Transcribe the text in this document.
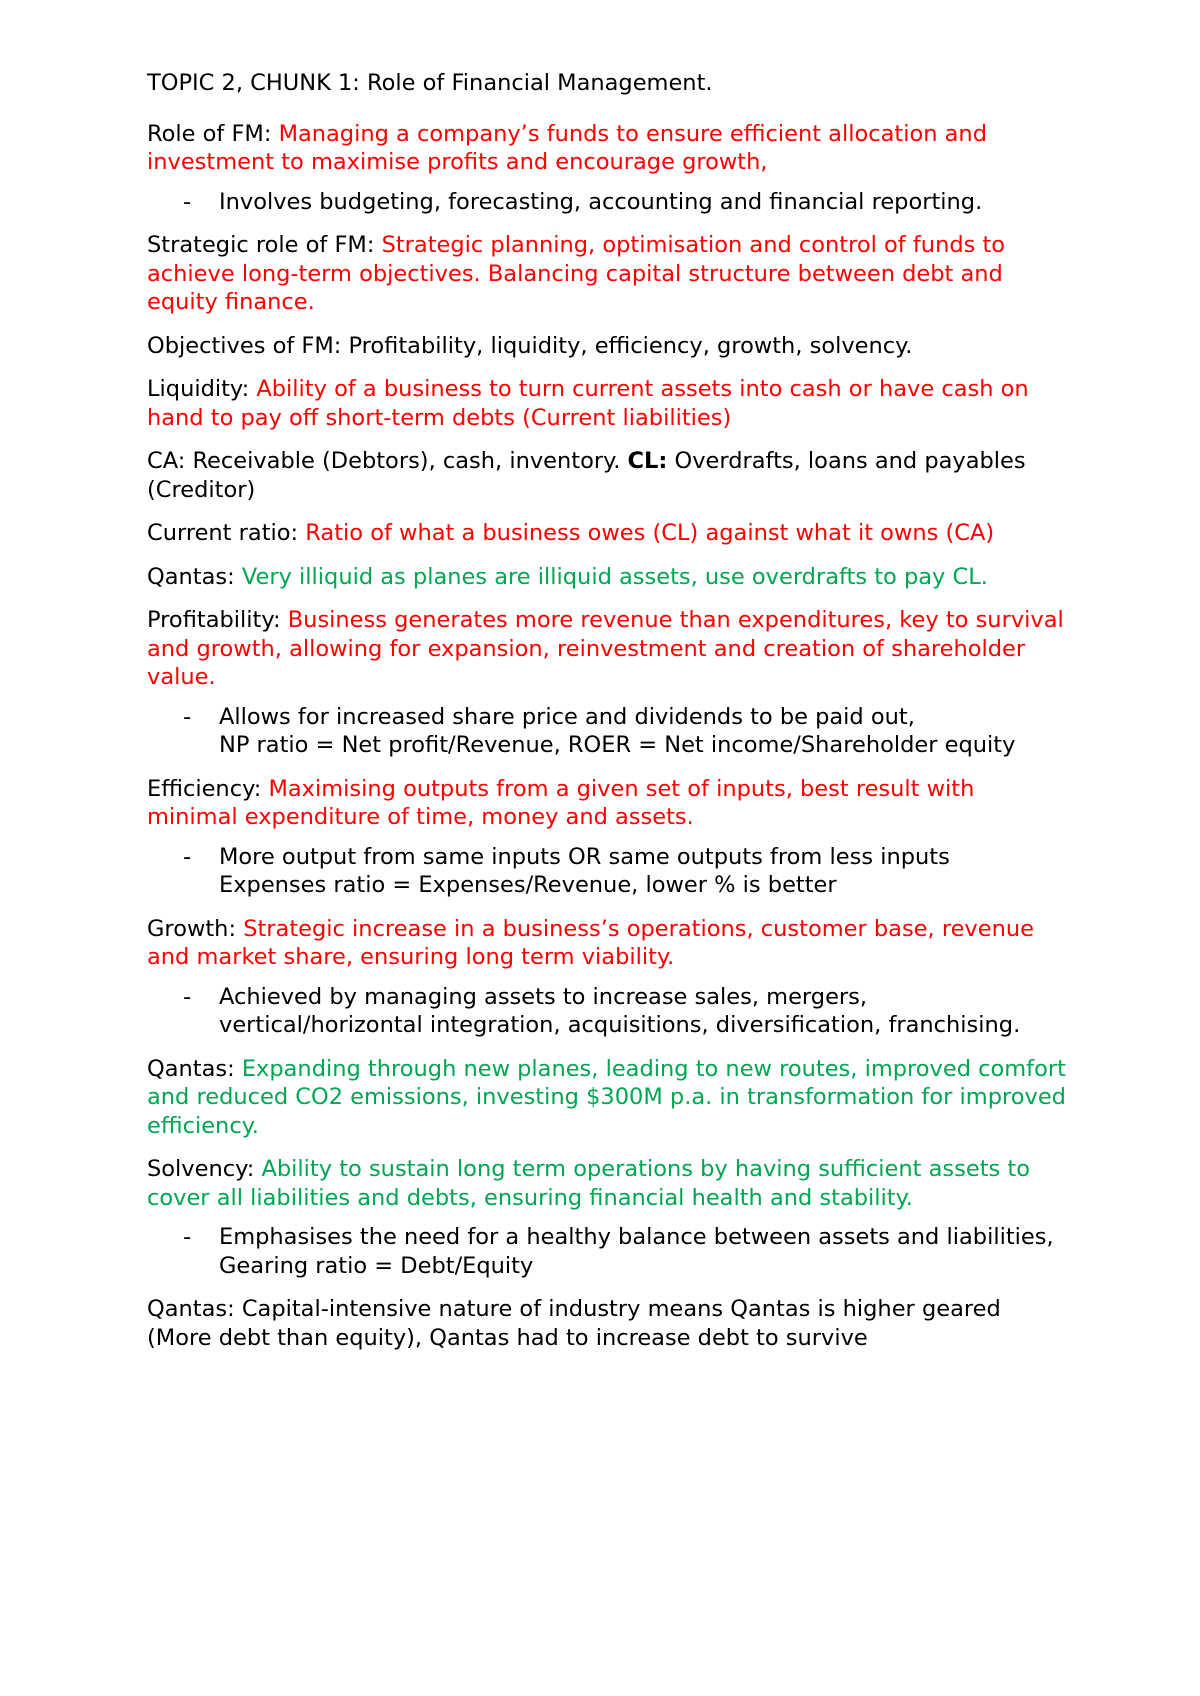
TOPIC 2, CHUNK 1: Role of Financial Management.
Role of FM: Managing a company’s funds to ensure efficient allocation and investment to maximise profits and encourage growth,
- Involves budgeting, forecasting, accounting and financial reporting.
Strategic role of FM: Strategic planning, optimisation and control of funds to achieve long-term objectives. Balancing capital structure between debt and equity finance.
Objectives of FM: Profitability, liquidity, efficiency, growth, solvency.
Liquidity: Ability of a business to turn current assets into cash or have cash on hand to pay off short-term debts (Current liabilities)
CA: Receivable (Debtors), cash, inventory. CL: Overdrafts, loans and payables (Creditor)
Current ratio: Ratio of what a business owes (CL) against what it owns (CA)
Qantas: Very illiquid as planes are illiquid assets, use overdrafts to pay CL.
Profitability: Business generates more revenue than expenditures, key to survival and growth, allowing for expansion, reinvestment and creation of shareholder value.
- Allows for increased share price and dividends to be paid out,
NP ratio = Net profit/Revenue, ROER = Net income/Shareholder equity
Efficiency: Maximising outputs from a given set of inputs, best result with minimal expenditure of time, money and assets.
- More output from same inputs OR same outputs from less inputs
Expenses ratio = Expenses/Revenue, lower % is better
Growth: Strategic increase in a business’s operations, customer base, revenue and market share, ensuring long term viability.
- Achieved by managing assets to increase sales, mergers, vertical/horizontal integration, acquisitions, diversification, franchising.
Qantas: Expanding through new planes, leading to new routes, improved comfort and reduced CO2 emissions, investing $300M p.a. in transformation for improved efficiency.
Solvency: Ability to sustain long term operations by having sufficient assets to cover all liabilities and debts, ensuring financial health and stability.
- Emphasises the need for a healthy balance between assets and liabilities,
Gearing ratio = Debt/Equity
Qantas: Capital-intensive nature of industry means Qantas is higher geared (More debt than equity), Qantas had to increase debt to survive
